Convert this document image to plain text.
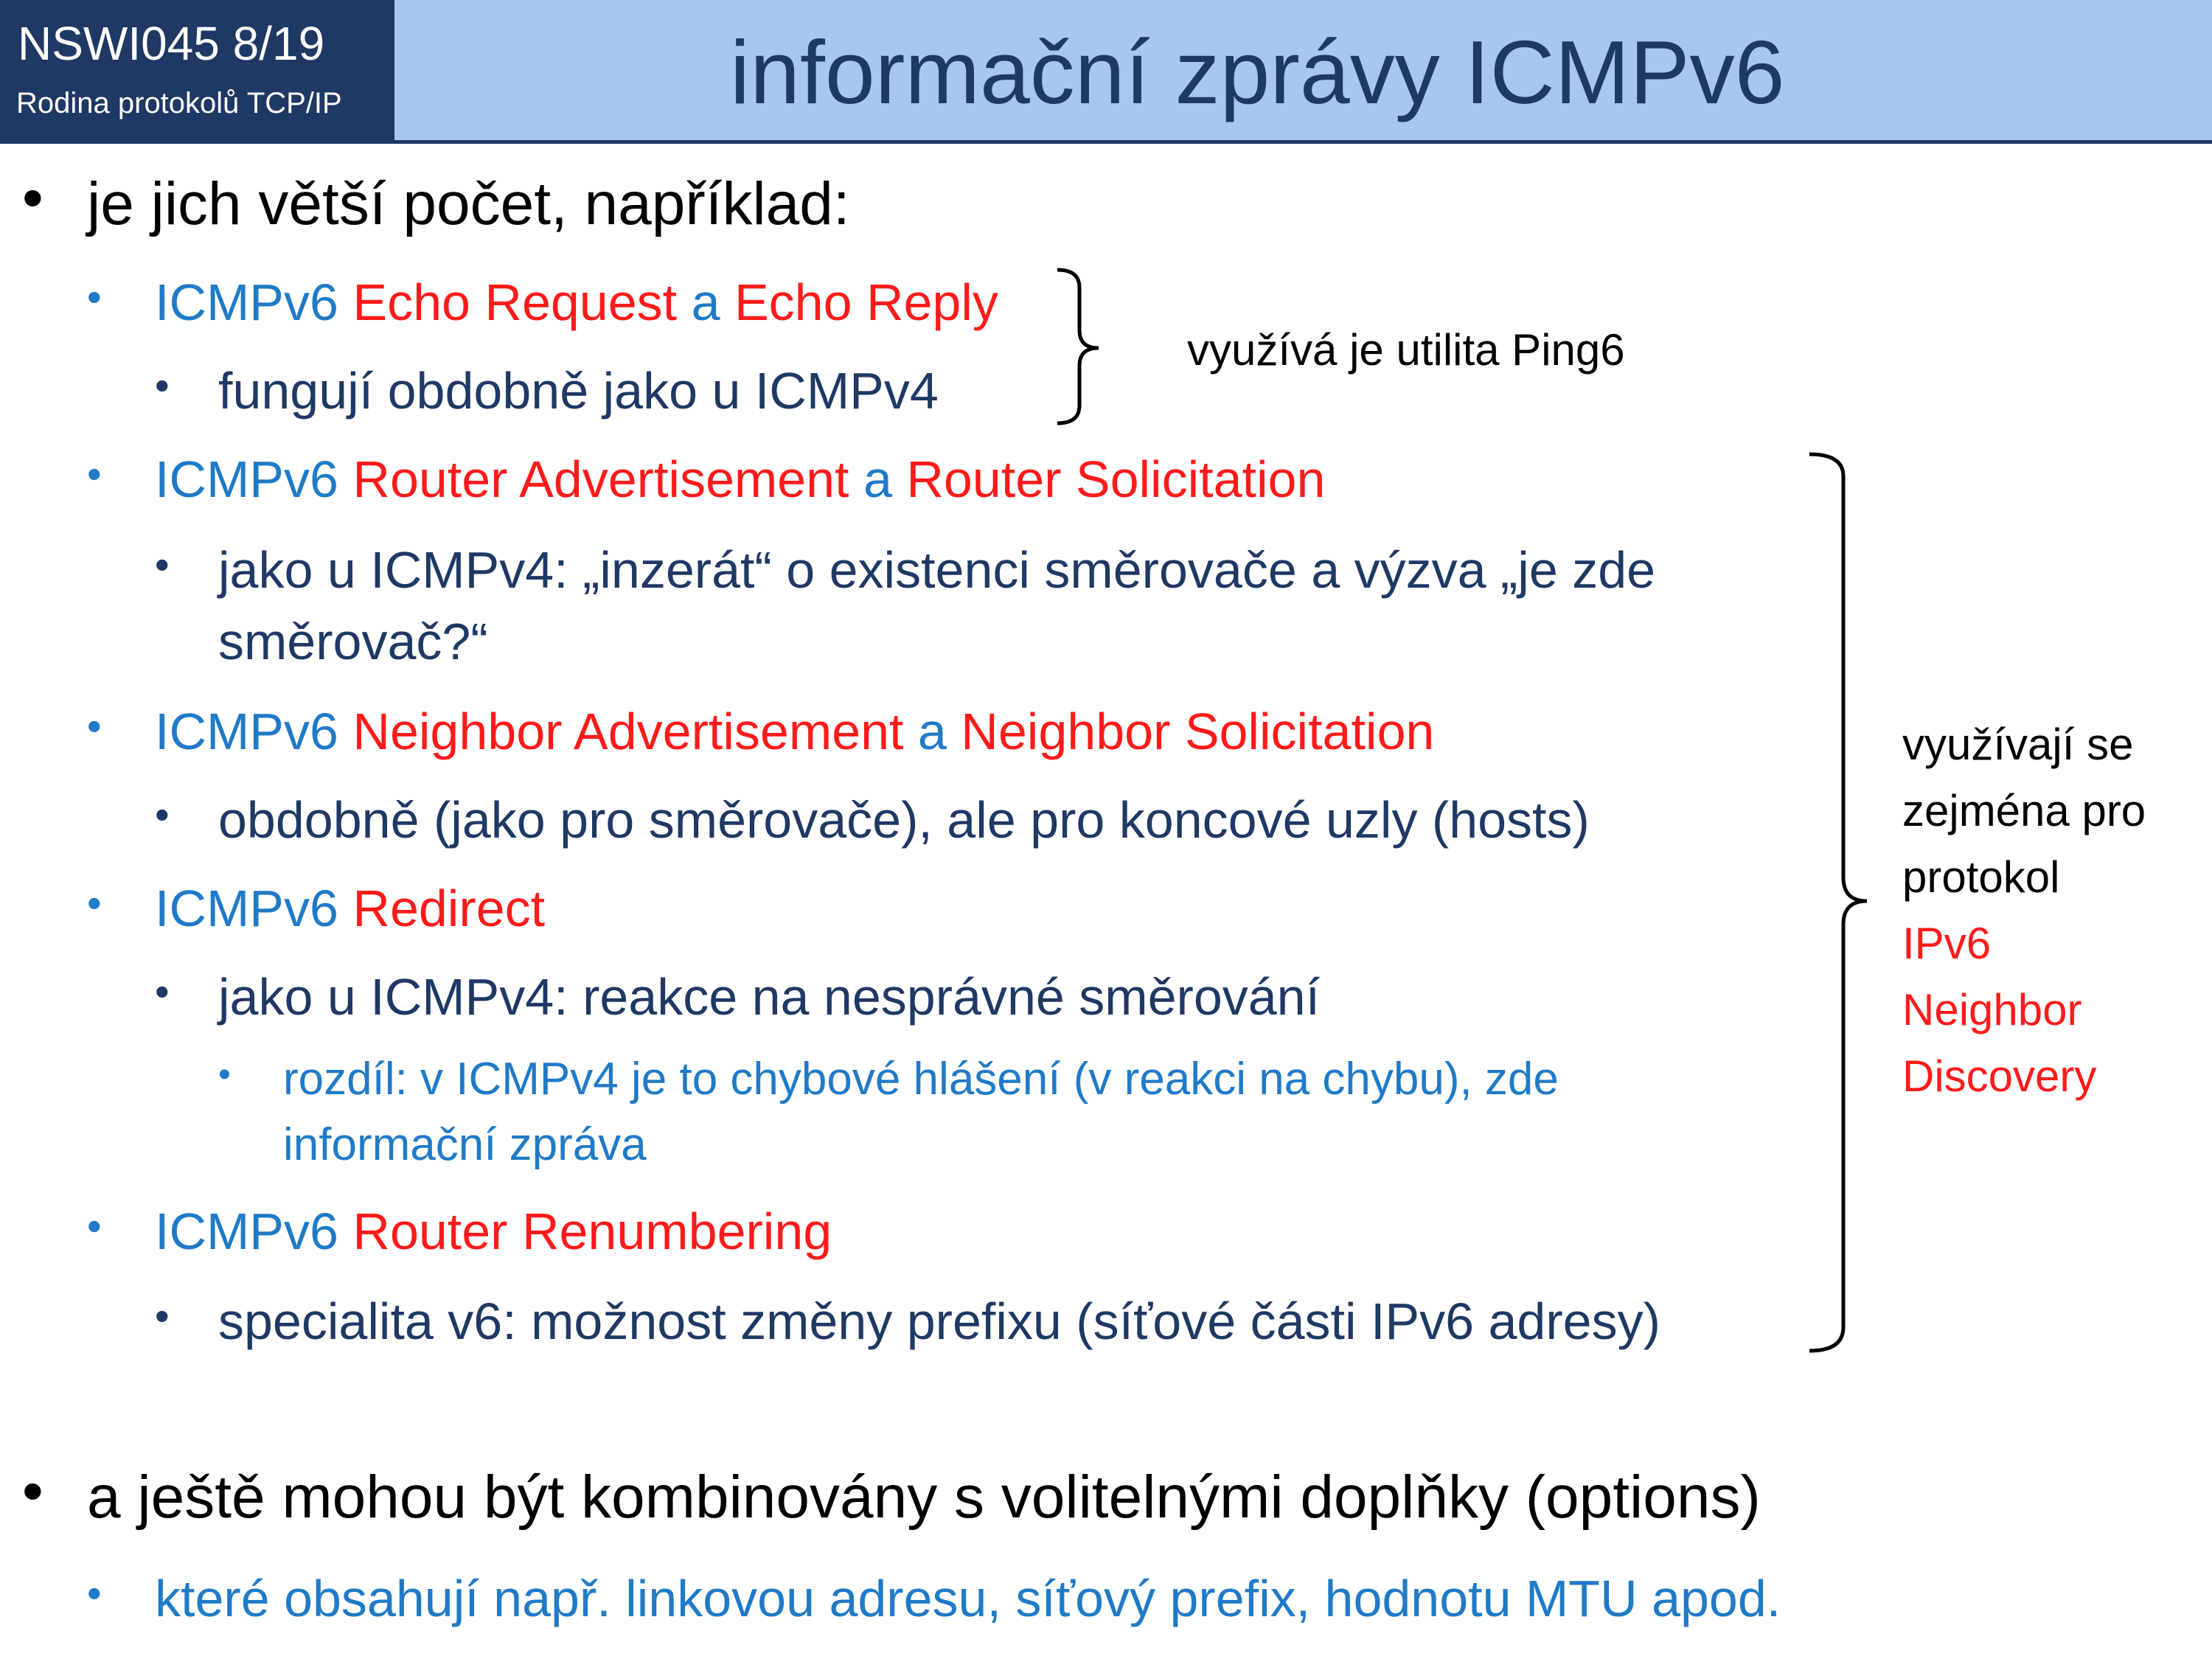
NSWI045 8/19
Rodina protokolů TCP/IP	informační zprávy ICMPv6
• je jich větší počet, například:
• ICMPv6 Echo Request a Echo Reply
• fungují obdobně jako u ICMPv4
• ICMPv6 Router Advertisement a Router Solicitation
• jako u ICMPv4: „inzerát“ o existenci směrovače a výzva „je zde
směrovač?“
• ICMPv6 Neighbor Advertisement a Neighbor Solicitation
• obdobně (jako pro směrovače), ale pro koncové uzly (hosts)
• ICMPv6 Redirect
• jako u ICMPv4: reakce na nesprávné směrování
• rozdíl: v ICMPv4 je to chybové hlášení (v reakci na chybu), zde
informační zpráva
• ICMPv6 Router Renumbering
• specialita v6: možnost změny prefixu (síťové části IPv6 adresy)
• a ještě mohou být kombinovány s volitelnými doplňky (options)
• které obsahují např. linkovou adresu, síťový prefix, hodnotu MTU apod.
využívá je utilita Ping6
využívají se
zejména pro
protokol
IPv6
Neighbor
Discovery
